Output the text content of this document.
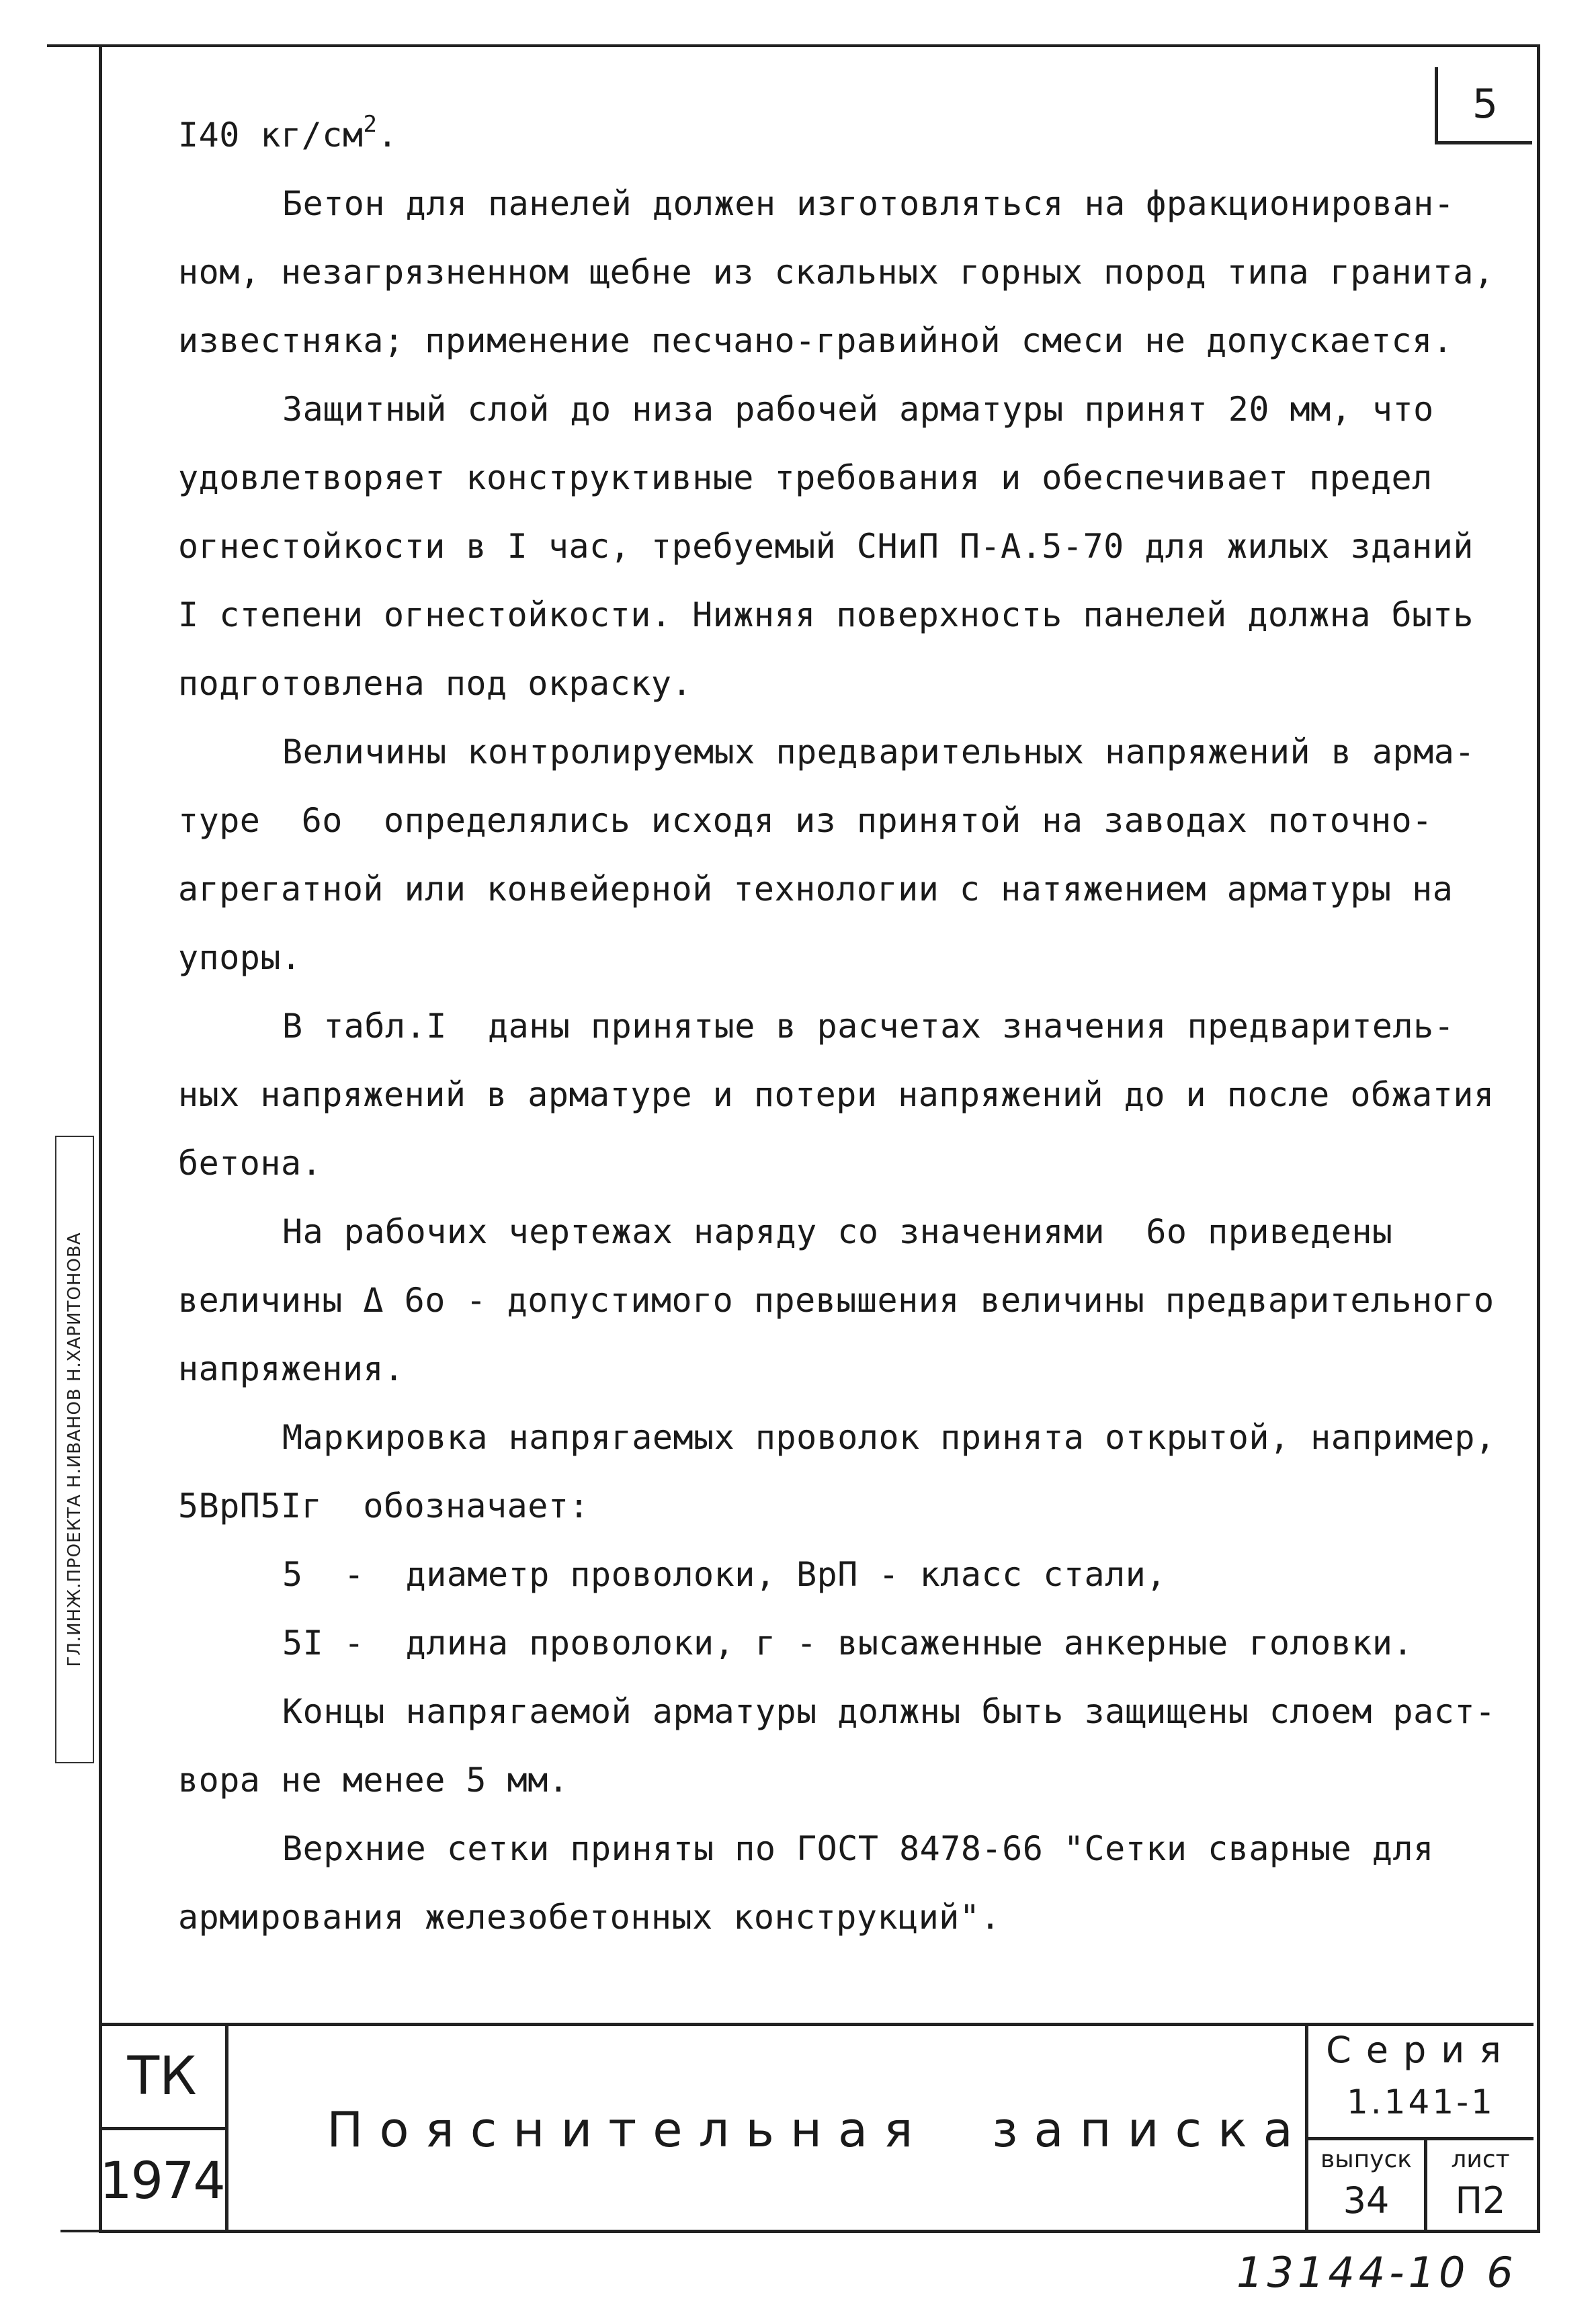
5
ГЛ.ИНЖ.ПРОЕКТА Н.ИВАНОВ Н.ХАРИТОНОВА

I40 $кг/см^2$.

Бетон для панелей должен изготовляться на фракционирован-

ном, незагрязненном щебне из скальных горных пород типа гранита,

известняка; применение песчано-гравийной смеси не допускается.

Защитный слой до низа рабочей арматуры принят 20 мм, что

удовлетворяет конструктивные требования и обеспечивает предел

огнестойкости в I час, требуемый СНиП П-А.5-70 для жилых зданий

I степени огнестойкости. Нижняя поверхность панелей должна быть

подготовлена под окраску.

Величины контролируемых предварительных напряжений в арма-

туре  6о  определялись исходя из принятой на заводах поточно-

агрегатной или конвейерной технологии с натяжением арматуры на

упоры.

В табл.I  даны принятые в расчетах значения предваритель-

ных напряжений в арматуре и потери напряжений до и после обжатия

бетона.

На рабочих чертежах наряду со значениями  6о приведены

величины Δ 6о - допустимого превышения величины предварительного

напряжения.

Маркировка напрягаемых проволок принята открытой, например,

5ВрП5Iг  обозначает:

5  -  диаметр проволоки, ВрП - класс стали,

5I -  длина проволоки, г - высаженные анкерные головки.

Концы напрягаемой арматуры должны быть защищены слоем раст-

вора не менее 5 мм.

Верхние сетки приняты по ГОСТ 8478-66 "Сетки сварные для

армирования железобетонных конструкций".

ТК
1974
Пояснительная  записка
Серия
1.141-1
выпуск
34
лист
П2
13144-10 6
